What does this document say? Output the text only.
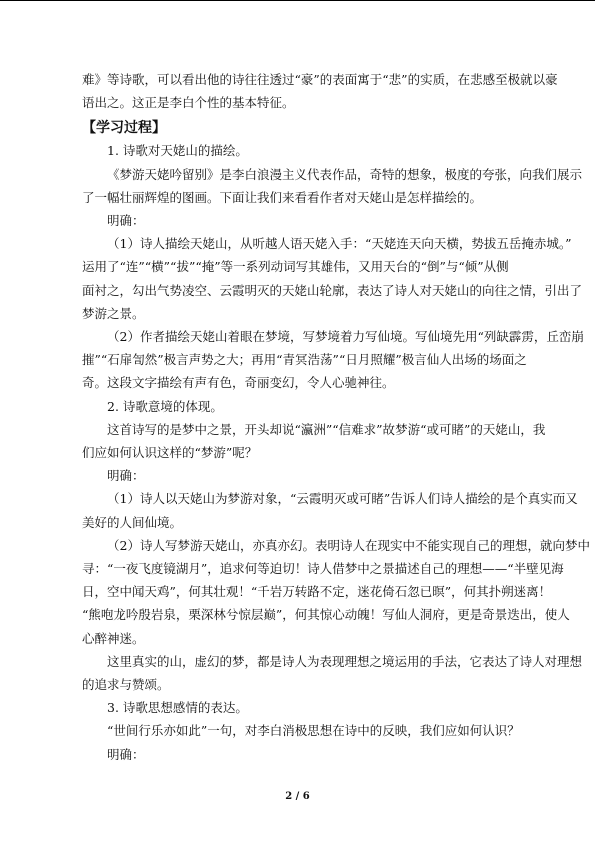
难》等诗歌，可以看出他的诗往往透过“豪”的表面寓于“悲”的实质，在悲感至极就以豪
语出之。这正是李白个性的基本特征。
【学习过程】
1. 诗歌对天姥山的描绘。
《梦游天姥吟留别》是李白浪漫主义代表作品，奇特的想象，极度的夸张，向我们展示
了一幅壮丽辉煌的图画。下面让我们来看看作者对天姥山是怎样描绘的。
明确：
（1）诗人描绘天姥山，从听越人语天姥入手：“天姥连天向天横，势拔五岳掩赤城。”
运用了“连”“横”“拔”“掩”等一系列动词写其雄伟，又用天台的“倒”与“倾”从侧
面衬之，勾出气势凌空、云霞明灭的天姥山轮廓，表达了诗人对天姥山的向往之情，引出了
梦游之景。
（2）作者描绘天姥山着眼在梦境，写梦境着力写仙境。写仙境先用“列缺霹雳，丘峦崩
摧”“石扉訇然”极言声势之大；再用“青冥浩荡”“日月照耀”极言仙人出场的场面之
奇。这段文字描绘有声有色，奇丽变幻，令人心驰神往。
2. 诗歌意境的体现。
这首诗写的是梦中之景，开头却说“瀛洲”“信难求”故梦游“或可睹”的天姥山，我
们应如何认识这样的“梦游”呢？
明确：
（1）诗人以天姥山为梦游对象，“云霞明灭或可睹”告诉人们诗人描绘的是个真实而又
美好的人间仙境。
（2）诗人写梦游天姥山，亦真亦幻。表明诗人在现实中不能实现自己的理想，就向梦中
寻：“一夜飞度镜湖月”，追求何等迫切！诗人借梦中之景描述自己的理想——“半壁见海
日，空中闻天鸡”，何其壮观！“千岩万转路不定，迷花倚石忽已暝”，何其扑朔迷离！
“熊咆龙吟殷岩泉，栗深林兮惊层巅”，何其惊心动魄！写仙人洞府，更是奇景迭出，使人
心醉神迷。
这里真实的山，虚幻的梦，都是诗人为表现理想之境运用的手法，它表达了诗人对理想
的追求与赞颂。
3. 诗歌思想感情的表达。
“世间行乐亦如此”一句，对李白消极思想在诗中的反映，我们应如何认识？
明确：
2 / 6
